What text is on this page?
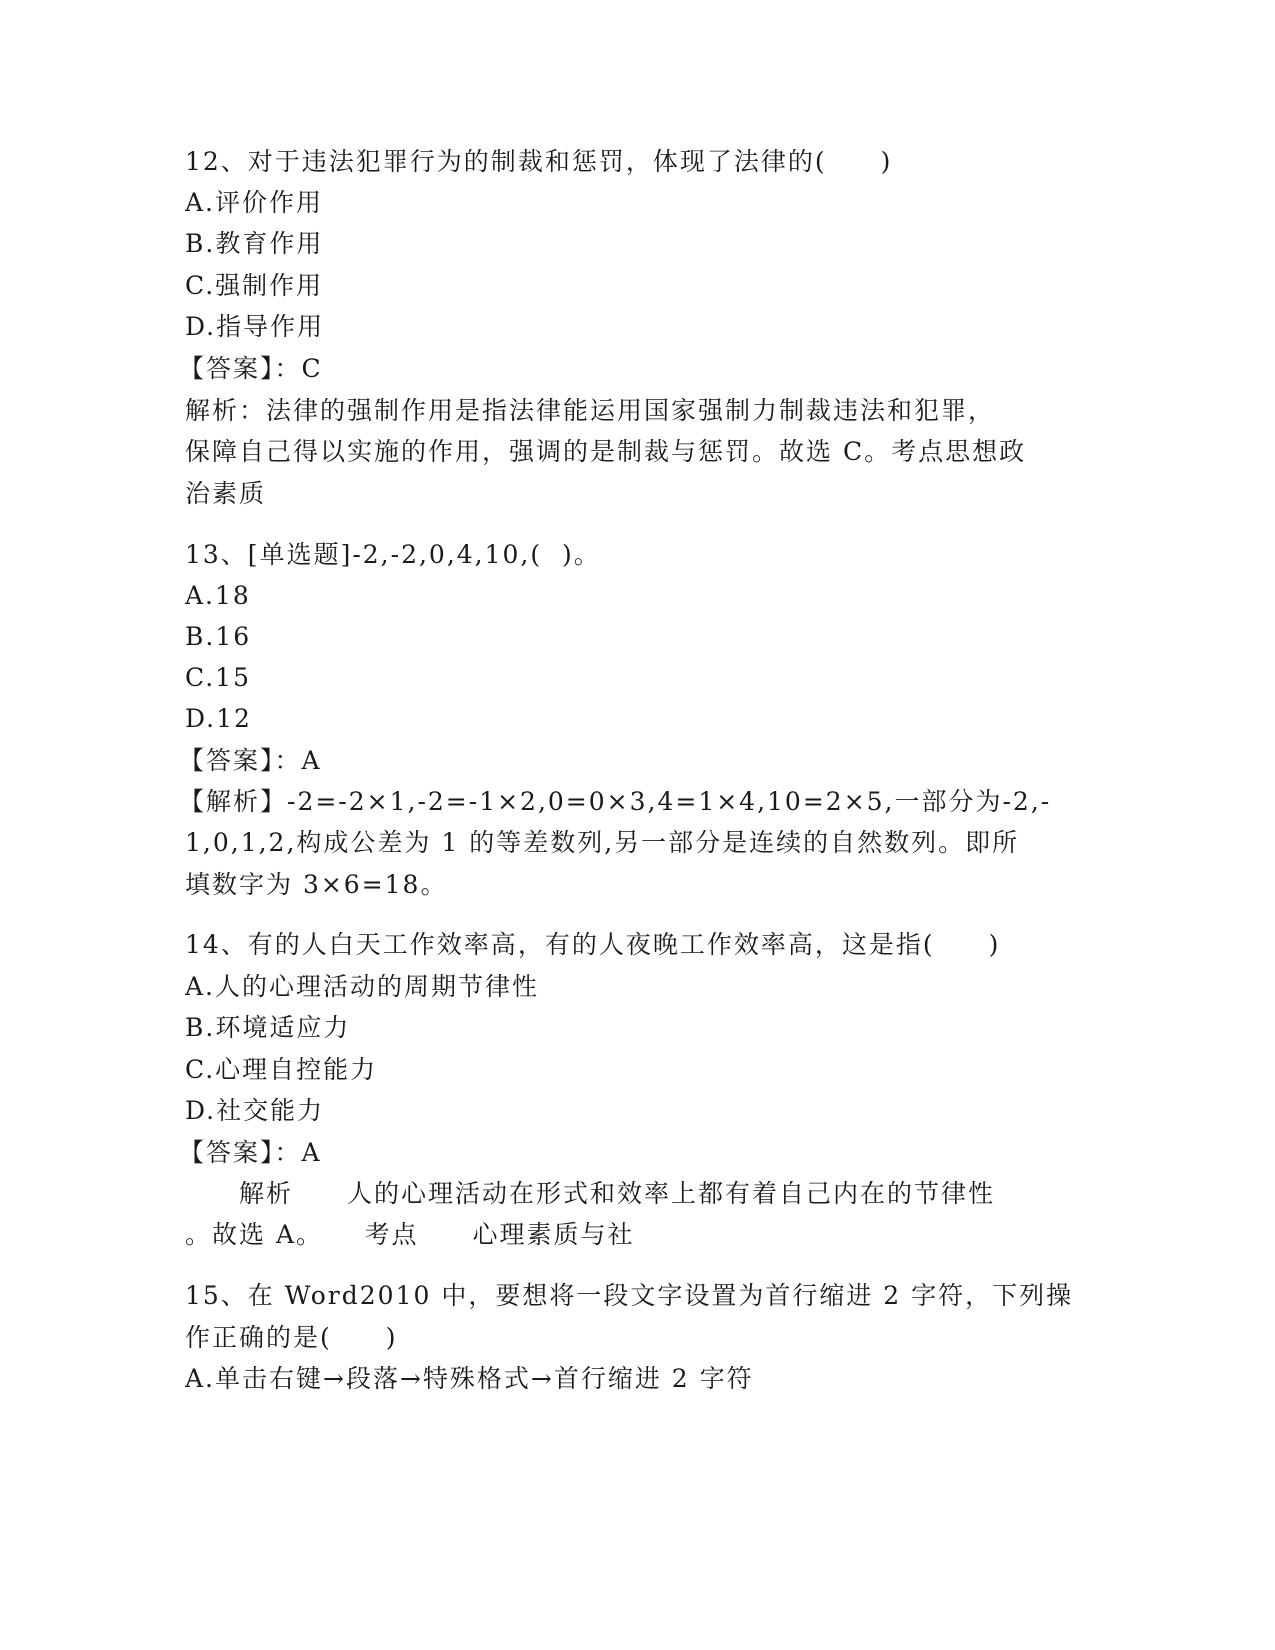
12、对于违法犯罪行为的制裁和惩罚，体现了法律的(　　)
A.评价作用
B.教育作用
C.强制作用
D.指导作用
【答案】：C
解析：法律的强制作用是指法律能运用国家强制力制裁违法和犯罪，
保障自己得以实施的作用，强调的是制裁与惩罚。故选 C。考点思想政
治素质
13、[单选题]-2,-2,0,4,10,(  )。
A.18
B.16
C.15
D.12
【答案】：A
【解析】-2=-2×1,-2=-1×2,0=0×3,4=1×4,10=2×5,一部分为-2,-
1,0,1,2,构成公差为 1 的等差数列,另一部分是连续的自然数列。即所
填数字为 3×6=18。
14、有的人白天工作效率高，有的人夜晚工作效率高，这是指(　　)
A.人的心理活动的周期节律性
B.环境适应力
C.心理自控能力
D.社交能力
【答案】：A
　　解析　　人的心理活动在形式和效率上都有着自己内在的节律性
。故选 A。　　考点　　心理素质与社
15、在 Word2010 中，要想将一段文字设置为首行缩进 2 字符，下列操
作正确的是(　　)
A.单击右键→段落→特殊格式→首行缩进 2 字符
